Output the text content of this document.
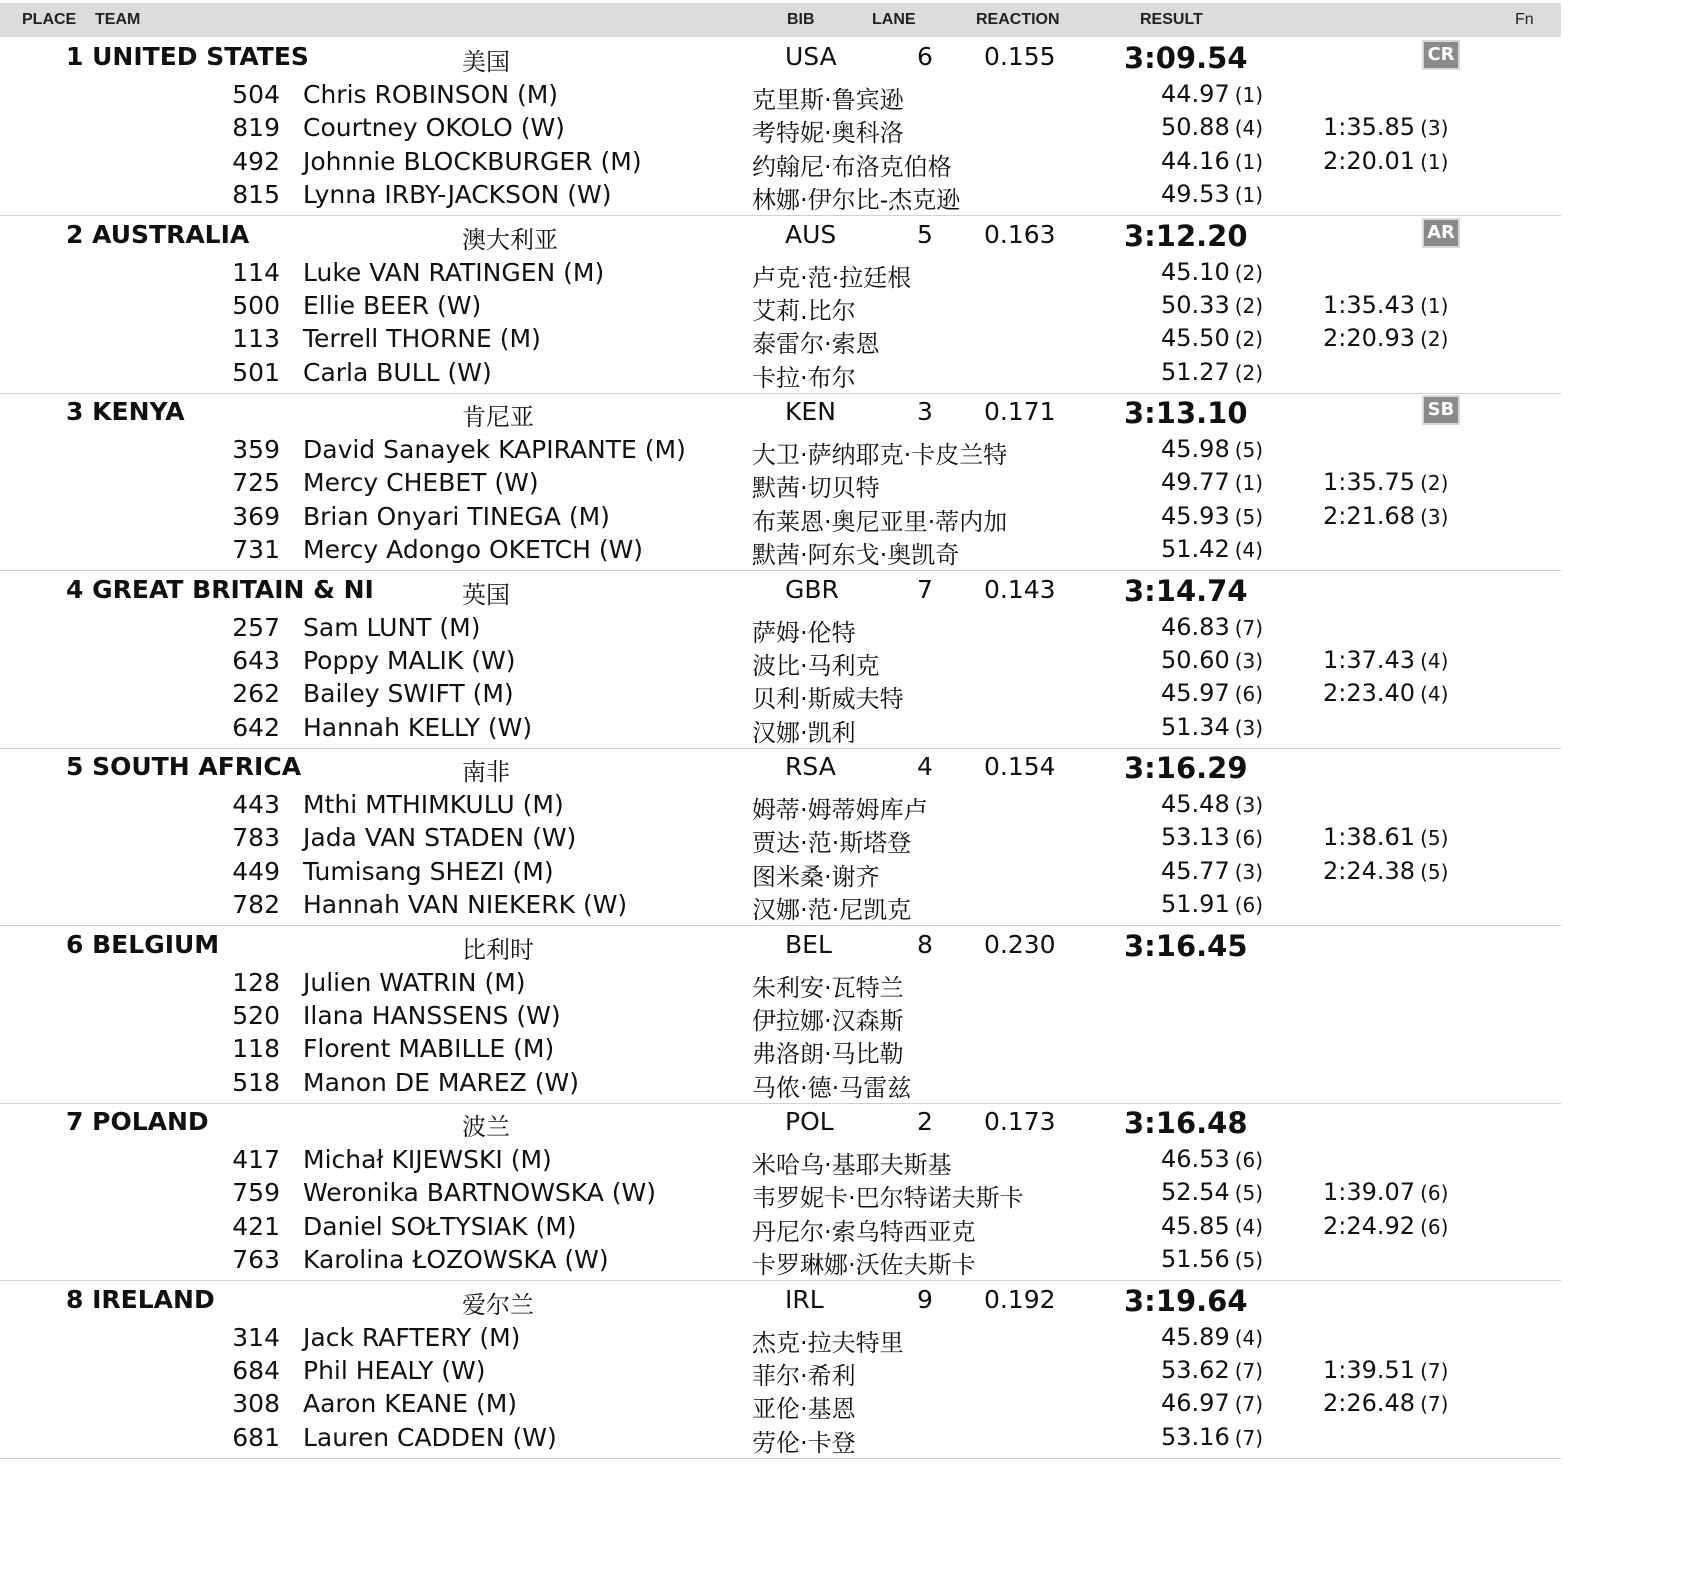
PLACE TEAM	BIB	LANE	REACTION	RESULT	Fn
1 UNITED STATES	美国	USA	6 0.155 3:09.54	CR
504 Chris ROBINSON (M)	克里斯·鲁宾逊	44.97 (1)
819 Courtney OKOLO (W)	考特妮·奥科洛	50.88 (4) 1:35.85 (3)
492 Johnnie BLOCKBURGER (M)	约翰尼·布洛克伯格	44.16 (1) 2:20.01 (1)
815 Lynna IRBY-JACKSON (W)	林娜·伊尔比-杰克逊	49.53 (1)
2 AUSTRALIA	澳大利亚	AUS	5 0.163 3:12.20	AR
114 Luke VAN RATINGEN (M)	卢克·范·拉廷根	45.10 (2)
500 Ellie BEER (W)	艾莉.比尔	50.33 (2) 1:35.43 (1)
113 Terrell THORNE (M)	泰雷尔·索恩	45.50 (2) 2:20.93 (2)
501 Carla BULL (W)	卡拉·布尔	51.27 (2)
3 KENYA	肯尼亚	KEN	3 0.171 3:13.10	SB
359 David Sanayek KAPIRANTE (M)	大卫·萨纳耶克·卡皮兰特	45.98 (5)
725 Mercy CHEBET (W)	默茜·切贝特	49.77 (1) 1:35.75 (2)
369 Brian Onyari TINEGA (M)	布莱恩·奥尼亚里·蒂内加	45.93 (5) 2:21.68 (3)
731 Mercy Adongo OKETCH (W)	默茜·阿东戈·奥凯奇	51.42 (4)
4 GREAT BRITAIN & NI	英国	GBR	7 0.143 3:14.74
257 Sam LUNT (M)	萨姆·伦特	46.83 (7)
643 Poppy MALIK (W)	波比·马利克	50.60 (3) 1:37.43 (4)
262 Bailey SWIFT (M)	贝利·斯威夫特	45.97 (6) 2:23.40 (4)
642 Hannah KELLY (W)	汉娜·凯利	51.34 (3)
5 SOUTH AFRICA	南非	RSA	4 0.154 3:16.29
443 Mthi MTHIMKULU (M)	姆蒂·姆蒂姆库卢	45.48 (3)
783 Jada VAN STADEN (W)	贾达·范·斯塔登	53.13 (6) 1:38.61 (5)
449 Tumisang SHEZI (M)	图米桑·谢齐	45.77 (3) 2:24.38 (5)
782 Hannah VAN NIEKERK (W)	汉娜·范·尼凯克	51.91 (6)
6 BELGIUM	比利时	BEL	8 0.230 3:16.45
128 Julien WATRIN (M)	朱利安·瓦特兰
520 Ilana HANSSENS (W)	伊拉娜·汉森斯
118 Florent MABILLE (M)	弗洛朗·马比勒
518 Manon DE MAREZ (W)	马侬·德·马雷兹
7 POLAND	波兰	POL	2 0.173 3:16.48
417 Michał KIJEWSKI (M)	米哈乌·基耶夫斯基	46.53 (6)
759 Weronika BARTNOWSKA (W)	韦罗妮卡·巴尔特诺夫斯卡	52.54 (5) 1:39.07 (6)
421 Daniel SOŁTYSIAK (M)	丹尼尔·索乌特西亚克	45.85 (4) 2:24.92 (6)
763 Karolina ŁOZOWSKA (W)	卡罗琳娜·沃佐夫斯卡	51.56 (5)
8 IRELAND	爱尔兰	IRL	9 0.192 3:19.64
314 Jack RAFTERY (M)	杰克·拉夫特里	45.89 (4)
684 Phil HEALY (W)	菲尔·希利	53.62 (7) 1:39.51 (7)
308 Aaron KEANE (M)	亚伦·基恩	46.97 (7) 2:26.48 (7)
681 Lauren CADDEN (W)	劳伦·卡登	53.16 (7)
